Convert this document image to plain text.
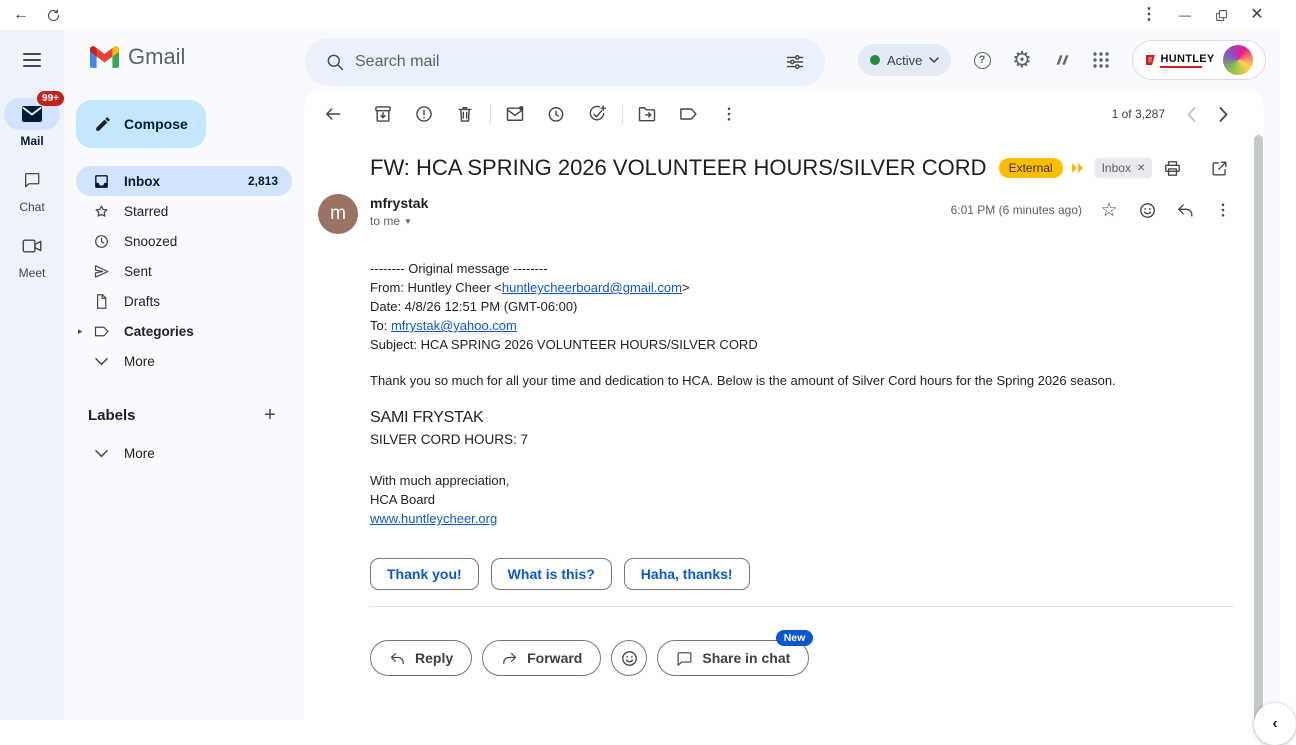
←	⋮ —	✕
99+
Mail
Chat
Meet
Gmail
Search mail	Active	? ⚙	HUNTLEY
Compose
Inbox	2,813
Starred
Snoozed
Sent
Drafts
▸	Categories
More
Labels	+
More
1 of 3,287
FW: HCA SPRING 2026 VOLUNTEER HOURS/SILVER CORD	External	Inbox ✕
m mfrystak
to me ▼
6:01 PM (6 minutes ago) ☆
-------- Original message --------
From: Huntley Cheer <huntleycheerboard@gmail.com>
Date: 4/8/26 12:51 PM (GMT-06:00)
To: mfrystak@yahoo.com
Subject: HCA SPRING 2026 VOLUNTEER HOURS/SILVER CORD
Thank you so much for all your time and dedication to HCA. Below is the amount of Silver Cord hours for the Spring 2026 season.
SAMI FRYSTAK
SILVER CORD HOURS: 7
With much appreciation,
HCA Board
www.huntleycheer.org
Thank you!	What is this?	Haha, thanks!
Reply	Forward	Share in chat
New
‹
